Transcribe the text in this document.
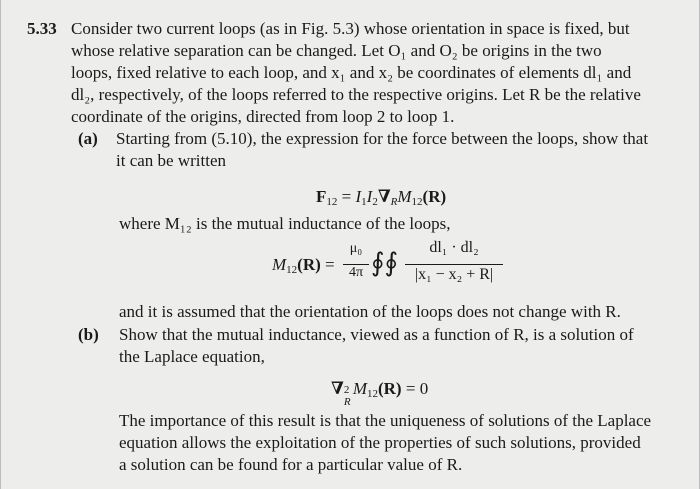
5.33 Consider two current loops (as in Fig. 5.3) whose orientation in space is fixed, but
whose relative separation can be changed. Let O₁ and O₂ be origins in the two
loops, fixed relative to each loop, and x₁ and x₂ be coordinates of elements dl₁ and
dl₂, respectively, of the loops referred to the respective origins. Let R be the relative
coordinate of the origins, directed from loop 2 to loop 1.
(a) Starting from (5.10), the expression for the force between the loops, show that
it can be written
$F_{12} = I_1I_2\nabla_RM_{12}(R)$
where M₁₂ is the mutual inductance of the loops,
$M_{12}(R)$ =
μ₀
4π ∮∮
dl₁ · dl₂
|x₁ − x₂ + R|
and it is assumed that the orientation of the loops does not change with R.
(b) Show that the mutual inductance, viewed as a function of R, is a solution of
the Laplace equation,
∇ 2
R
$M_{12}(R) = 0$
The importance of this result is that the uniqueness of solutions of the Laplace
equation allows the exploitation of the properties of such solutions, provided
a solution can be found for a particular value of R.
